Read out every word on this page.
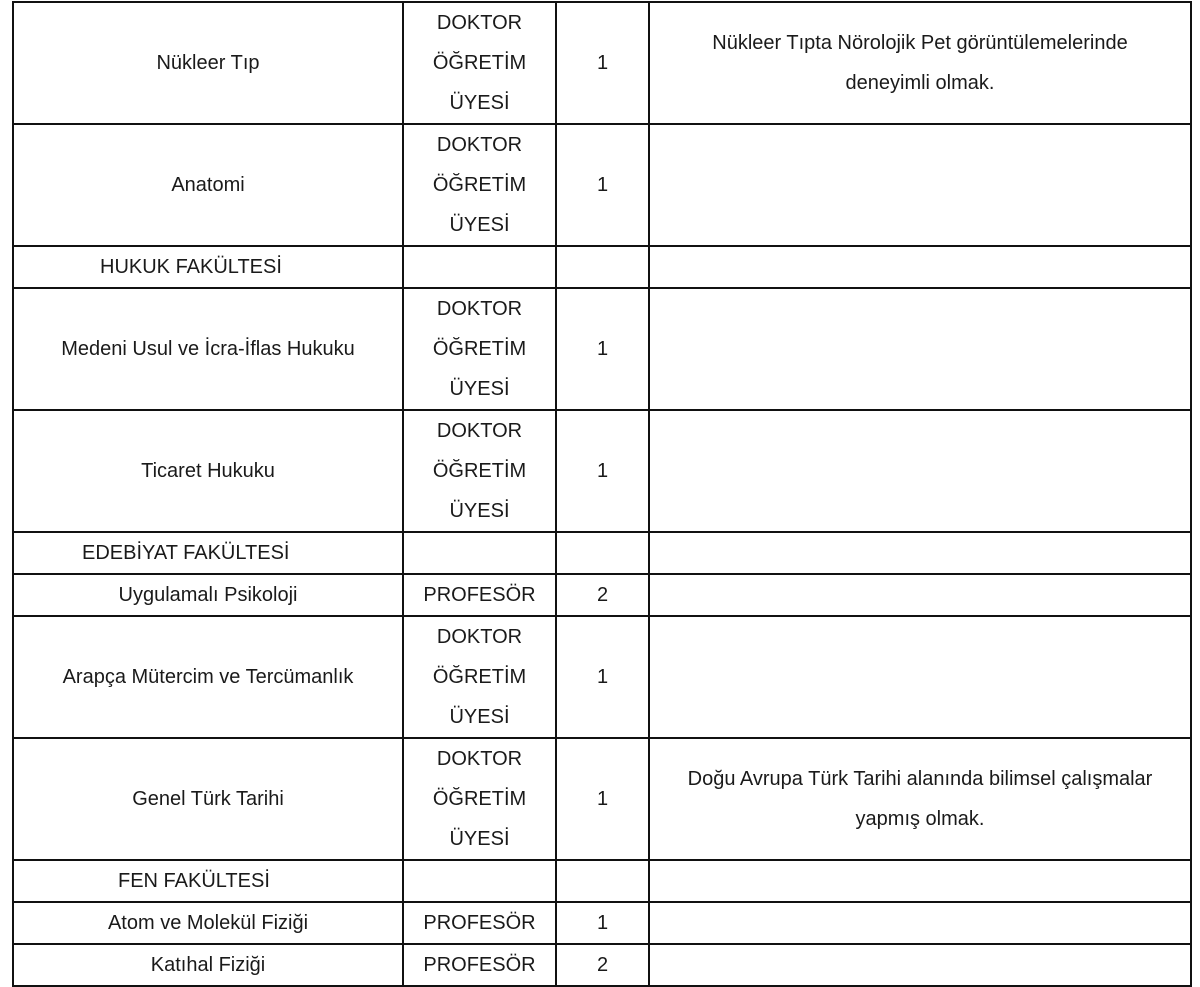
Nükleer Tıp	DOKTOR
ÖĞRETİM
ÜYESİ	1	Nükleer Tıpta Nörolojik Pet görüntülemelerinde deneyimli olmak.
Anatomi	DOKTOR
ÖĞRETİM
ÜYESİ	1	
HUKUK FAKÜLTESİ			
Medeni Usul ve İcra-İflas Hukuku	DOKTOR
ÖĞRETİM
ÜYESİ	1	
Ticaret Hukuku	DOKTOR
ÖĞRETİM
ÜYESİ	1	
EDEBİYAT FAKÜLTESİ			
Uygulamalı Psikoloji	PROFESÖR	2	
Arapça Mütercim ve Tercümanlık	DOKTOR
ÖĞRETİM
ÜYESİ	1	
Genel Türk Tarihi	DOKTOR
ÖĞRETİM
ÜYESİ	1	Doğu Avrupa Türk Tarihi alanında bilimsel çalışmalar yapmış olmak.
FEN FAKÜLTESİ			
Atom ve Molekül Fiziği	PROFESÖR	1	
Katıhal Fiziği	PROFESÖR	2	
